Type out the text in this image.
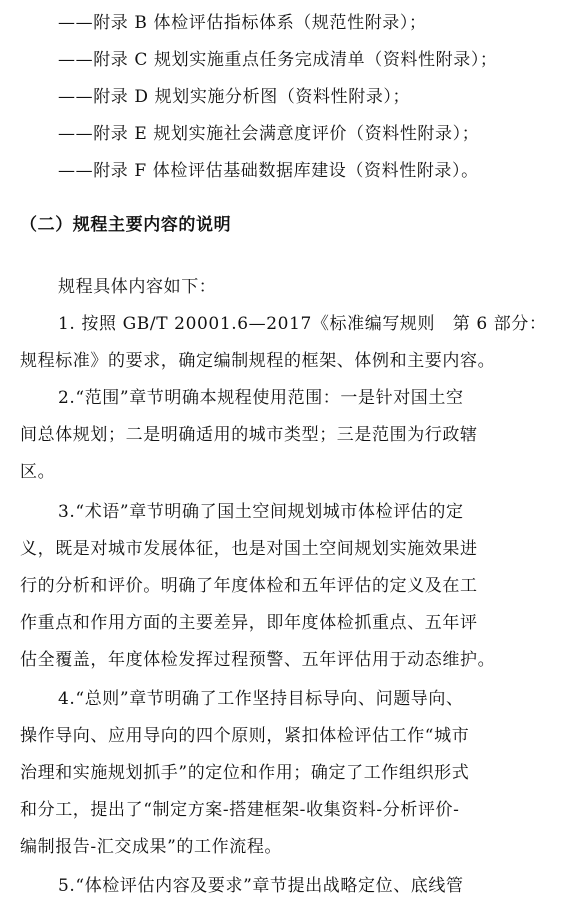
——附录 B 体检评估指标体系（规范性附录）；
——附录 C 规划实施重点任务完成清单（资料性附录）；
——附录 D 规划实施分析图（资料性附录）；
——附录 E 规划实施社会满意度评价（资料性附录）；
——附录 F 体检评估基础数据库建设（资料性附录）。
（二）规程主要内容的说明
规程具体内容如下：
1. 按照 GB/T 20001.6—2017《标准编写规则　第 6 部分：
规程标准》的要求，确定编制规程的框架、体例和主要内容。
2.“范围”章节明确本规程使用范围：一是针对国土空
间总体规划；二是明确适用的城市类型；三是范围为行政辖
区。
3.“术语”章节明确了国土空间规划城市体检评估的定
义，既是对城市发展体征，也是对国土空间规划实施效果进
行的分析和评价。明确了年度体检和五年评估的定义及在工
作重点和作用方面的主要差异，即年度体检抓重点、五年评
估全覆盖，年度体检发挥过程预警、五年评估用于动态维护。
4.“总则”章节明确了工作坚持目标导向、问题导向、
操作导向、应用导向的四个原则，紧扣体检评估工作“城市
治理和实施规划抓手”的定位和作用；确定了工作组织形式
和分工，提出了“制定方案-搭建框架-收集资料-分析评价-
编制报告-汇交成果”的工作流程。
5.“体检评估内容及要求”章节提出战略定位、底线管
